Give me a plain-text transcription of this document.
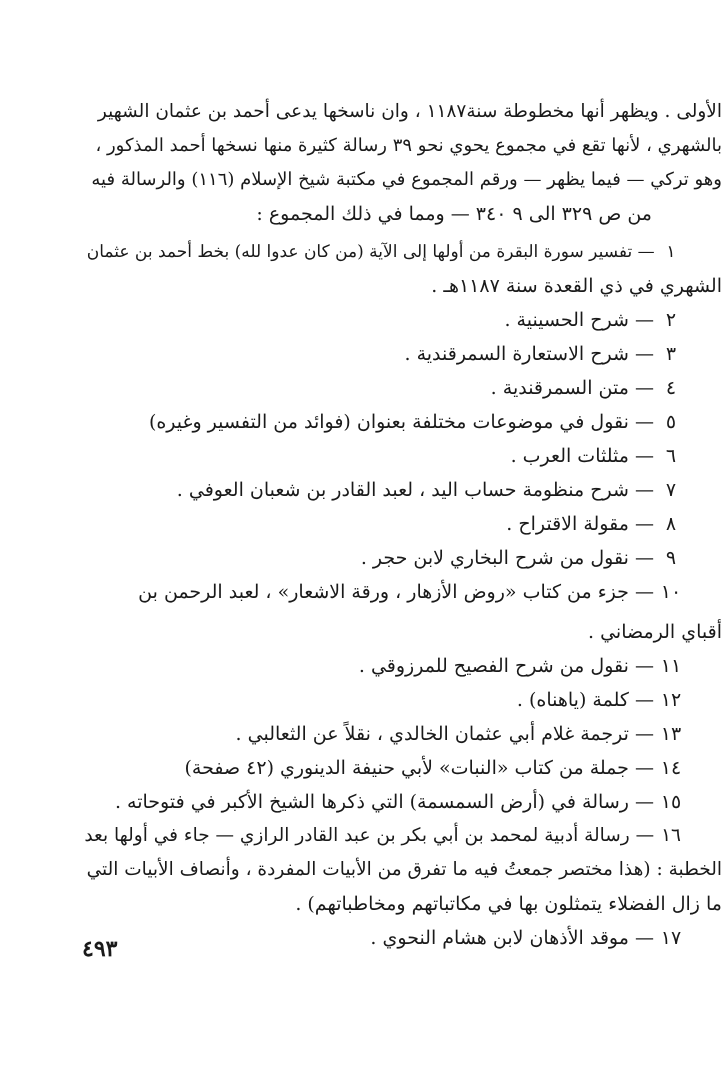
الأولى . ويظهر أنها مخطوطة سنة١١٨٧ ، وان ناسخها يدعى أحمد بن عثمان الشهير
بالشهري ، لأنها تقع في مجموع يحوي نحو ٣٩ رسالة كثيرة منها نسخها أحمد المذكور ،
وهو تركي — فيما يظهر — ورقم المجموع في مكتبة شيخ الإسلام (١١٦) والرسالة فيه
من ص ٣٢٩ الى ٩ ٣٤٠ — ومما في ذلك المجموع :
١ — تفسير سورة البقرة من أولها إلى الآية (من كان عدوا لله) بخط أحمد بن عثمان
الشهري في ذي القعدة سنة ١١٨٧هـ .
٢ — شرح الحسينية .
٣ — شرح الاستعارة السمرقندية .
٤ — متن السمرقندية .
٥ — نقول في موضوعات مختلفة بعنوان (فوائد من التفسير وغيره)
٦ — مثلثات العرب .
٧ — شرح منظومة حساب اليد ، لعبد القادر بن شعبان العوفي .
٨ — مقولة الاقتراح .
٩ — نقول من شرح البخاري لابن حجر .
١٠ — جزء من كتاب «روض الأزهار ، ورقة الاشعار» ، لعبد الرحمن بن
أقباي الرمضاني .
١١ — نقول من شرح الفصيح للمرزوقي .
١٢ — كلمة (ياهناه) .
١٣ — ترجمة غلام أبي عثمان الخالدي ، نقلاً عن الثعالبي .
١٤ — جملة من كتاب «النبات» لأبي حنيفة الدينوري (٤٢ صفحة)
١٥ — رسالة في (أرض السمسمة) التي ذكرها الشيخ الأكبر في فتوحاته .
١٦ — رسالة أدبية لمحمد بن أبي بكر بن عبد القادر الرازي — جاء في أولها بعد
الخطبة : (هذا مختصر جمعتُ فيه ما تفرق من الأبيات المفردة ، وأنصاف الأبيات التي
ما زال الفضلاء يتمثلون بها في مكاتباتهم ومخاطباتهم) .
١٧ — موقد الأذهان لابن هشام النحوي .
٤٩٣
